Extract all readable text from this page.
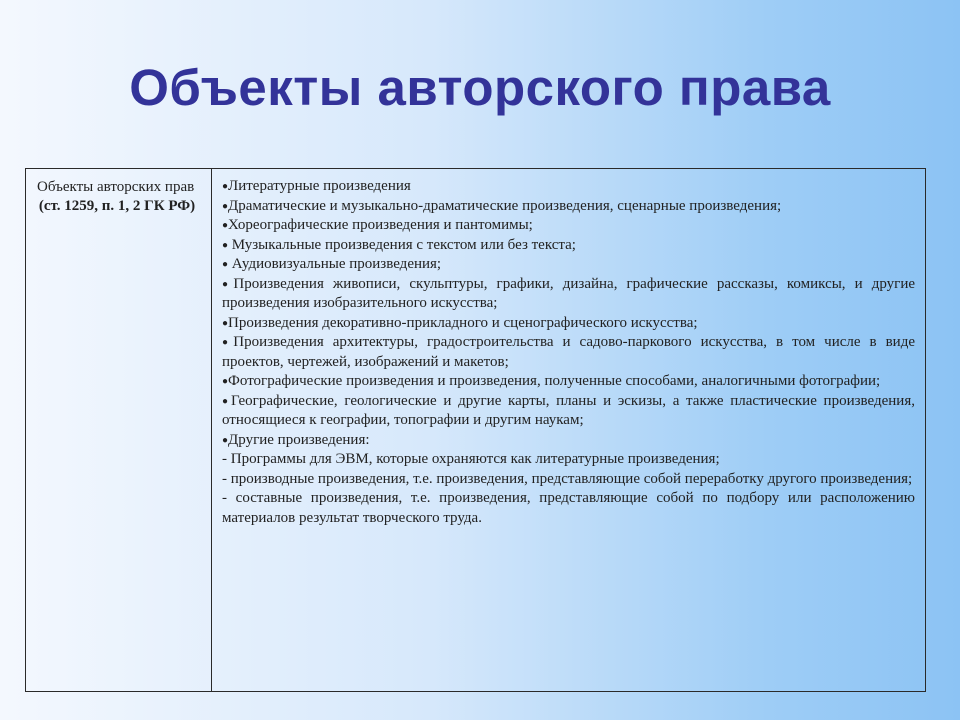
Объекты авторского права
Объекты авторских прав
(ст. 1259, п. 1, 2 ГК РФ)

●Литературные произведения

●Драматические и музыкально-драматические произведения, сценарные произведения;

●Хореографические произведения и пантомимы;

● Музыкальные произведения с текстом или без текста;

● Аудиовизуальные произведения;

●Произведения живописи, скульптуры, графики, дизайна, графические рассказы, комиксы, и другие произведения изобразительного искусства;

●Произведения декоративно-прикладного и сценографического искусства;

●Произведения архитектуры, градостроительства и садово-паркового искусства, в том числе в виде проектов, чертежей, изображений и макетов;

●Фотографические произведения и произведения, полученные способами, аналогичными фотографии;

●Географические, геологические и другие карты, планы и эскизы, а также пластические произведения, относящиеся к географии, топографии и другим наукам;

●Другие произведения:

- Программы для ЭВМ, которые охраняются как литературные произведения;

- производные произведения, т.е. произведения, представляющие собой переработку другого произведения;

- составные произведения, т.е. произведения, представляющие собой по подбору или расположению материалов результат творческого труда.
